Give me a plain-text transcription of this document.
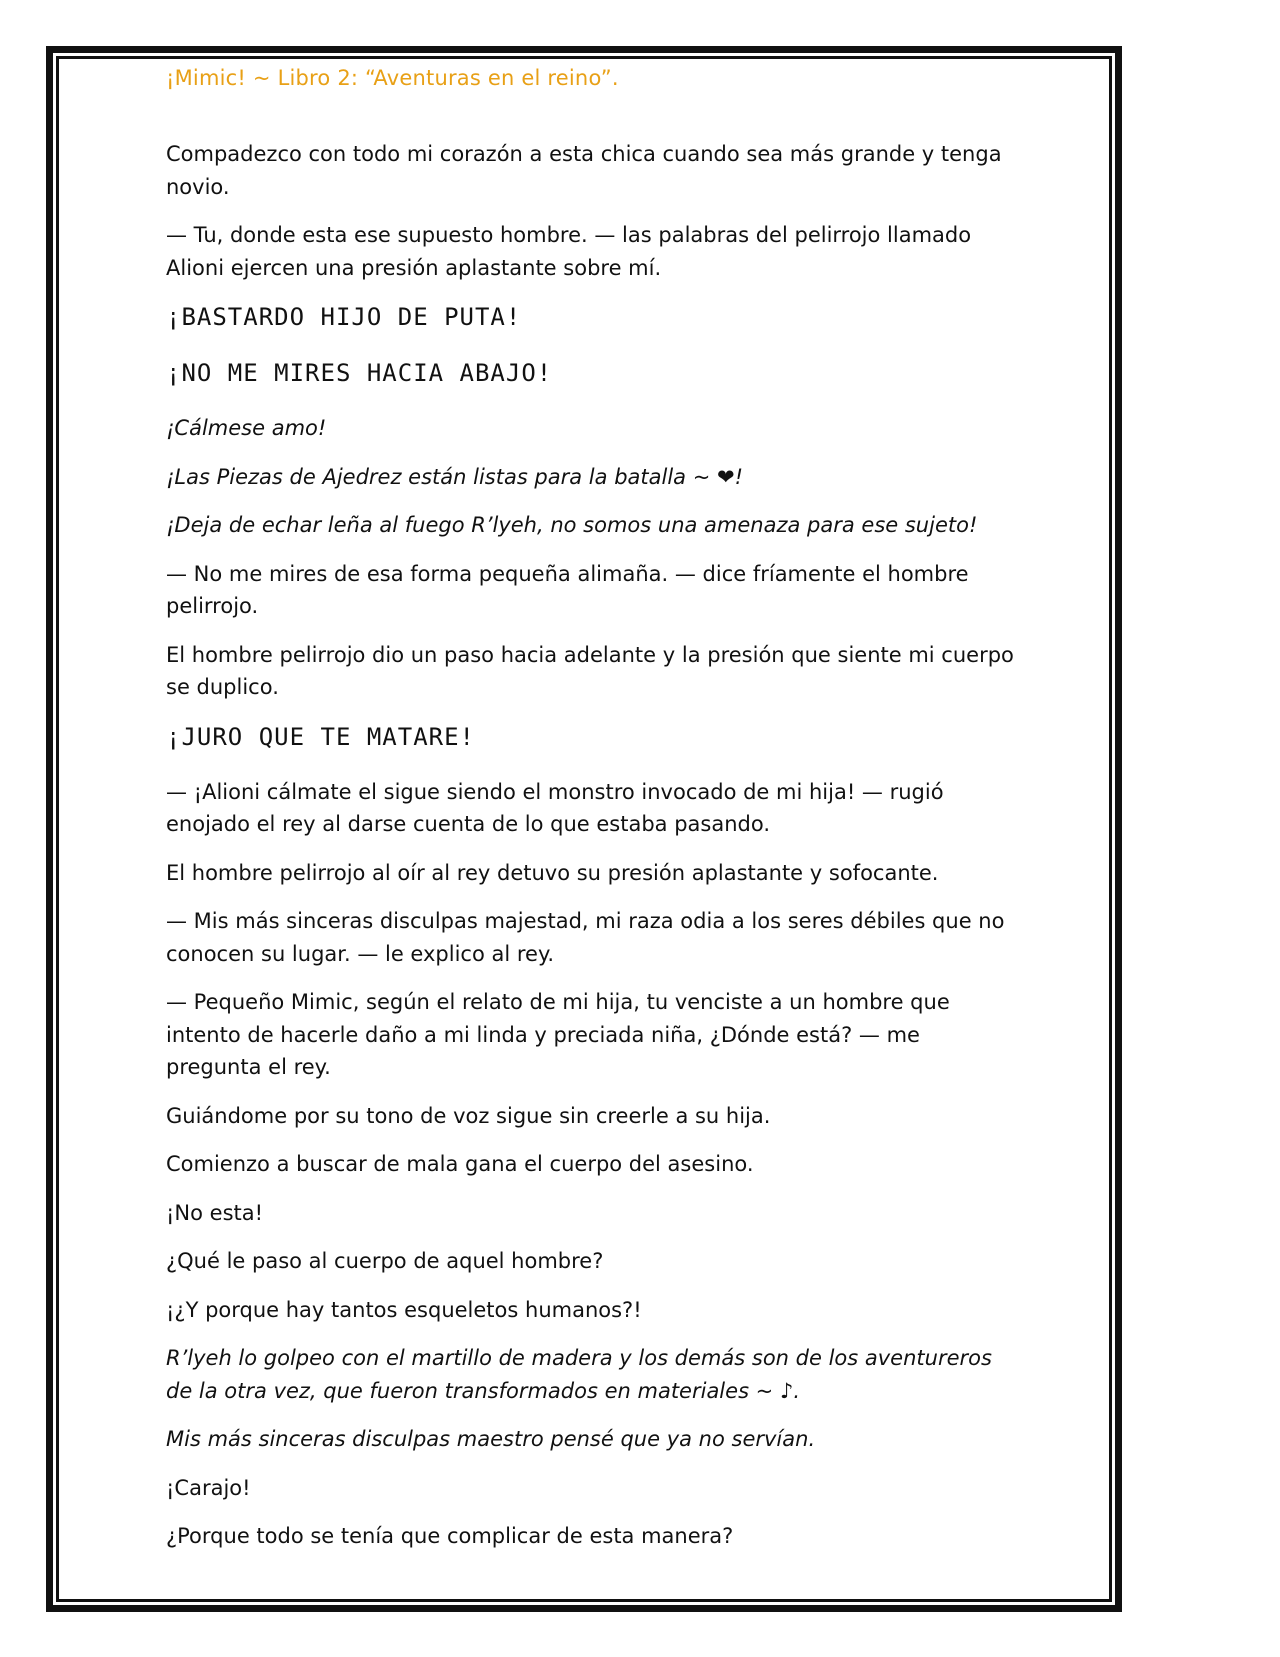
¡Mimic! ~ Libro 2: “Aventuras en el reino”.

Compadezco con todo mi corazón a esta chica cuando sea más grande y tenga novio.

— Tu, donde esta ese supuesto hombre. — las palabras del pelirrojo llamado Alioni ejercen una presión aplastante sobre mí.

¡BASTARDO HIJO DE PUTA!

¡NO ME MIRES HACIA ABAJO!

¡Cálmese amo!

¡Las Piezas de Ajedrez están listas para la batalla ~ ❤!

¡Deja de echar leña al fuego R’lyeh, no somos una amenaza para ese sujeto!

— No me mires de esa forma pequeña alimaña. — dice fríamente el hombre pelirrojo.

El hombre pelirrojo dio un paso hacia adelante y la presión que siente mi cuerpo se duplico.

¡JURO QUE TE MATARE!

— ¡Alioni cálmate el sigue siendo el monstro invocado de mi hija! — rugió enojado el rey al darse cuenta de lo que estaba pasando.

El hombre pelirrojo al oír al rey detuvo su presión aplastante y sofocante.

— Mis más sinceras disculpas majestad, mi raza odia a los seres débiles que no conocen su lugar. — le explico al rey.

— Pequeño Mimic, según el relato de mi hija, tu venciste a un hombre que intento de hacerle daño a mi linda y preciada niña, ¿Dónde está? — me pregunta el rey.

Guiándome por su tono de voz sigue sin creerle a su hija.

Comienzo a buscar de mala gana el cuerpo del asesino.

¡No esta!

¿Qué le paso al cuerpo de aquel hombre?

¡¿Y porque hay tantos esqueletos humanos?!

R’lyeh lo golpeo con el martillo de madera y los demás son de los aventureros de la otra vez, que fueron transformados en materiales ~ ♪.

Mis más sinceras disculpas maestro pensé que ya no servían.

¡Carajo!

¿Porque todo se tenía que complicar de esta manera?
